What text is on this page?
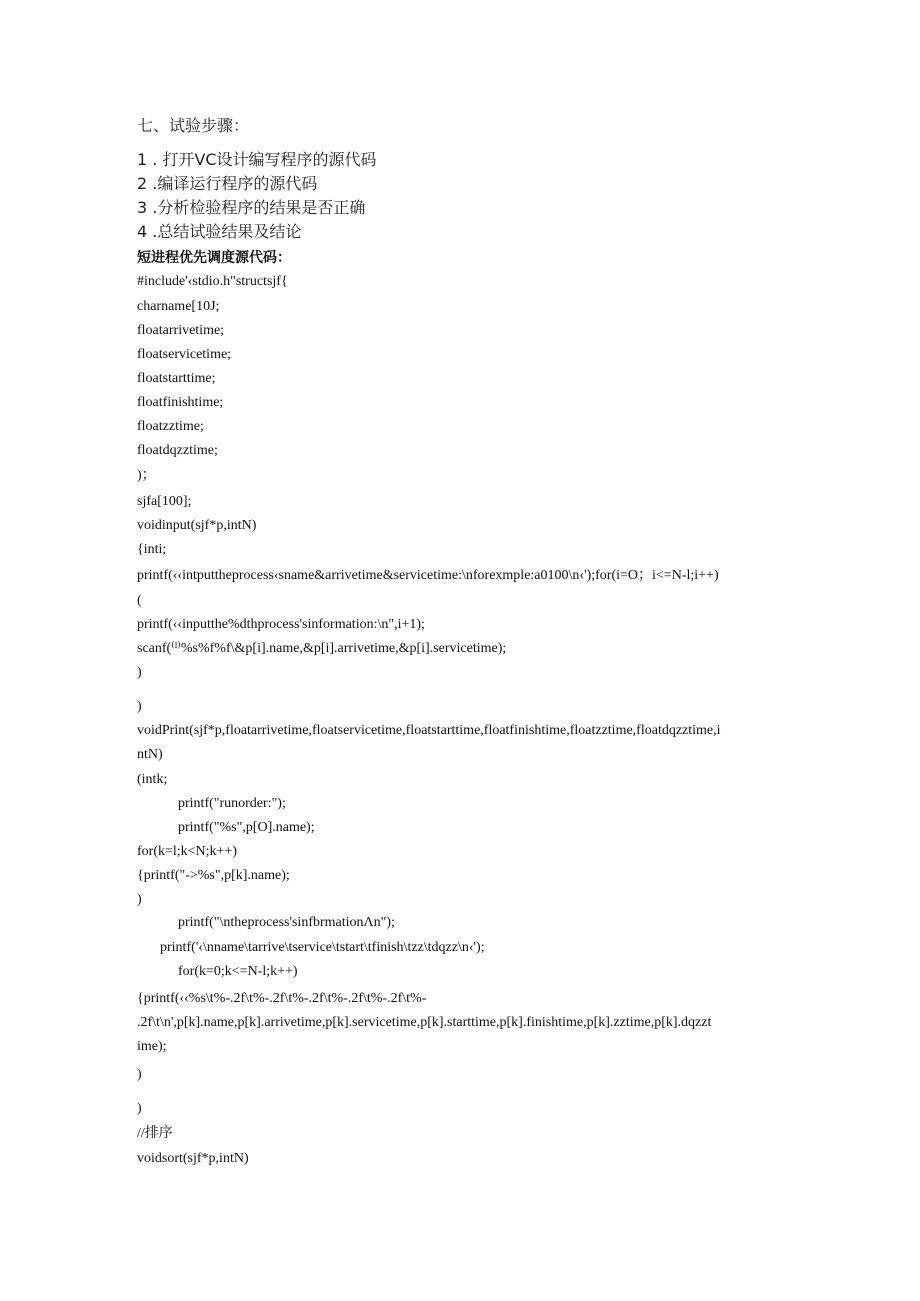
七、试验步骤：
1 . 打开VC设计编写程序的源代码
2 .编译运行程序的源代码
3 .分析检验程序的结果是否正确
4 .总结试验结果及结论
短进程优先调度源代码：
#include'‹stdio.h"structsjf{
charname[10J;
floatarrivetime;
floatservicetime;
floatstarttime;
floatfinishtime;
floatzztime;
floatdqzztime;
)；
sjfa[100];
voidinput(sjf*p,intN)
{inti;
printf(‹‹intputtheprocess‹sname&arrivetime&servicetime:\nforexmple:a0100\n‹');for(i=O；i<=N-l;i++)
(
printf(‹‹inputthe%dthprocess'sinformation:\n",i+1);
scanf(⁽ᴵ⁾%s%f%f\&p[i].name,&p[i].arrivetime,&p[i].servicetime);
)
)
voidPrint(sjf*p,floatarrivetime,floatservicetime,floatstarttime,floatfinishtime,floatzztime,floatdqzztime,i
ntN)
(intk;
printf("runorder:");
printf("%s",p[O].name);
for(k=l;k<N;k++)
{printf("->%s",p[k].name);
)
printf("\ntheprocess'sinfbrmationΛn");
printf('‹\nname\tarrive\tservice\tstart\tfinish\tzz\tdqzz\n‹');
for(k=0;k<=N-l;k++)
{printf(‹‹%s\t%-.2f\t%-.2f\t%-.2f\t%-.2f\t%-.2f\t%-
.2f\t\n',p[k].name,p[k].arrivetime,p[k].servicetime,p[k].starttime,p[k].finishtime,p[k].zztime,p[k].dqzzt
ime);
)
)
//排序
voidsort(sjf*p,intN)
